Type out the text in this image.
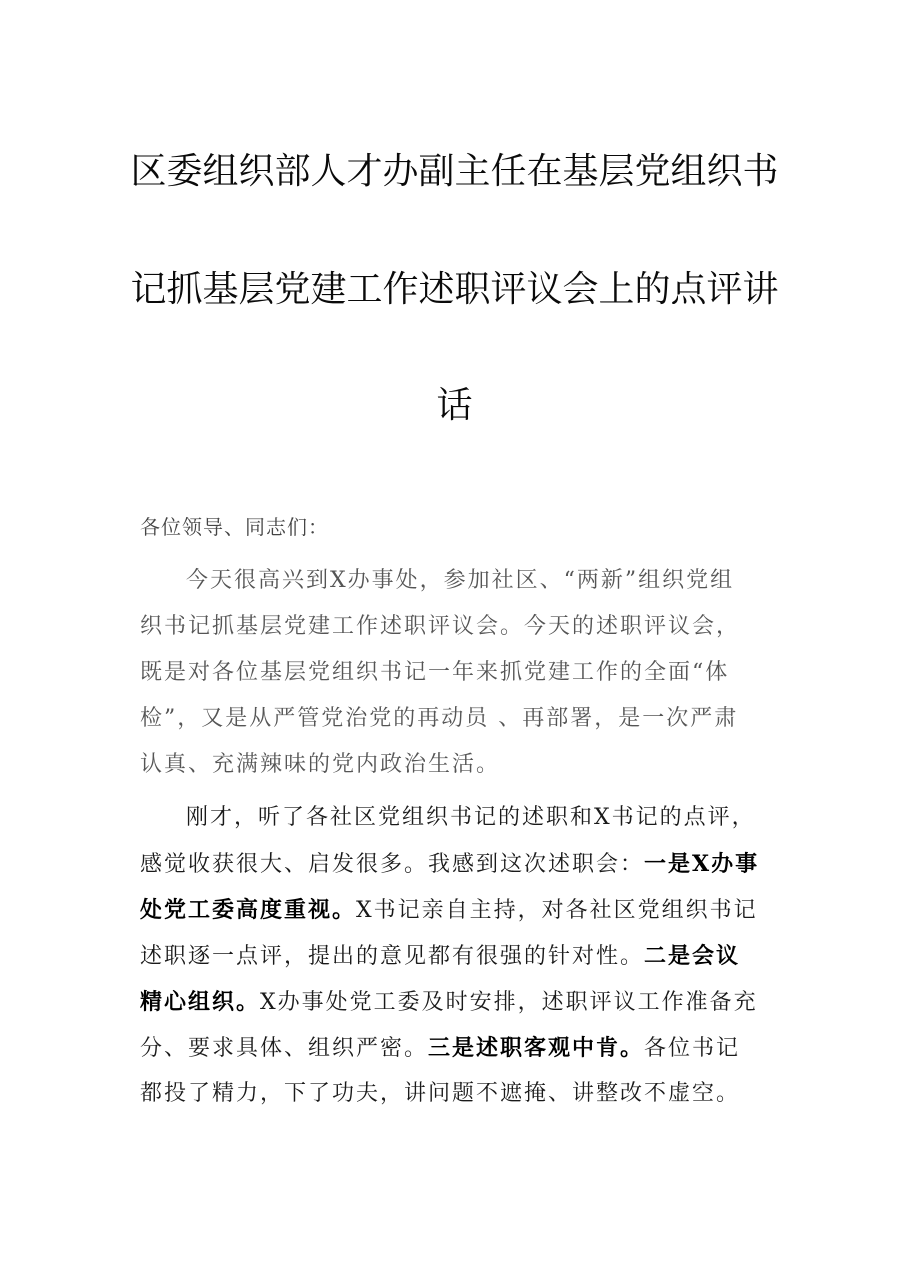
区委组织部人才办副主任在基层党组织书
记抓基层党建工作述职评议会上的点评讲
话
各位领导、同志们：
今天很高兴到X办事处，参加社区、“两新”组织党组
织书记抓基层党建工作述职评议会。今天的述职评议会，
既是对各位基层党组织书记一年来抓党建工作的全面“体
检”，又是从严管党治党的再动员 、再部署，是一次严肃
认真、充满辣味的党内政治生活。
刚才，听了各社区党组织书记的述职和X书记的点评，
感觉收获很大、启发很多。我感到这次述职会：一是X办事
处党工委高度重视。X书记亲自主持，对各社区党组织书记
述职逐一点评，提出的意见都有很强的针对性。二是会议
精心组织。X办事处党工委及时安排，述职评议工作准备充
分、要求具体、组织严密。三是述职客观中肯。各位书记
都投了精力，下了功夫，讲问题不遮掩、讲整改不虚空。
